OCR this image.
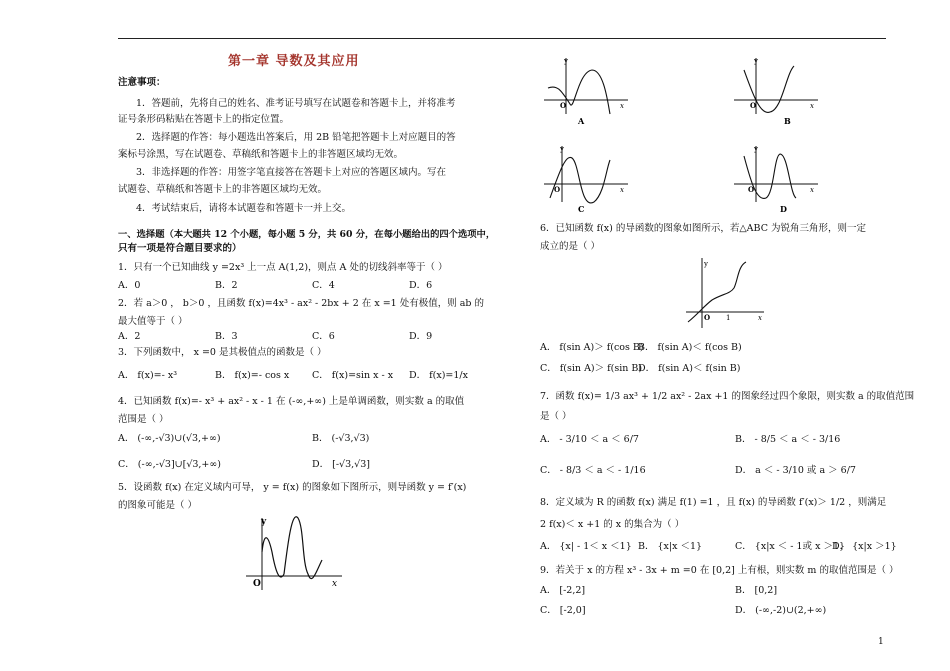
第一章 导数及其应用
注意事项：
1．答题前，先将自己的姓名、准考证号填写在试题卷和答题卡上，并将准考
证号条形码粘贴在答题卡上的指定位置。
2．选择题的作答：每小题选出答案后，用 2B 铅笔把答题卡上对应题目的答
案标号涂黑，写在试题卷、草稿纸和答题卡上的非答题区域均无效。
3．非选择题的作答：用签字笔直接答在答题卡上对应的答题区域内。写在
试题卷、草稿纸和答题卡上的非答题区域均无效。
4．考试结束后，请将本试题卷和答题卡一并上交。
一、选择题（本大题共 12 个小题，每小题 5 分，共 60 分，在每小题给出的四个选项中，
只有一项是符合题目要求的）
1．只有一个已知曲线 y =2x³ 上一点 A(1,2)，则点 A 处的切线斜率等于（ ）
A．0	B．2	C．4	D．6
2．若 a＞0 ， b＞0 ，且函数 f(x)=4x³ - ax² - 2bx + 2 在 x =1 处有极值，则 ab 的
最大值等于（ ）
A．2	B．3	C．6	D．9
3．下列函数中， x =0 是其极值点的函数是（ ）
A． f(x)=- x³	B． f(x)=- cos x C． f(x)=sin x - x D． f(x)=1/x
4．已知函数 f(x)=- x³ + ax² - x - 1 在 (-∞,+∞) 上是单调函数，则实数 a 的取值
范围是（ ）
A． (-∞,-√3)∪(√3,+∞)	B． (-√3,√3)
C． (-∞,-√3]∪[√3,+∞)	D． [-√3,√3]
5．设函数 f(x) 在定义域内可导， y = f(x) 的图象如下图所示，则导函数 y = f′(x)
的图象可能是（ ）
y
O	x
y
O	x
A
y
O	x
B
y
O	x
C
y
O	x
D
6．已知函数 f(x) 的导函数的图象如图所示，若△ABC 为锐角三角形，则一定
成立的是（ ）
y
O 1	x
A． f(sin A)＞ f(cos B)
B． f(sin A)＜ f(cos B)
C． f(sin A)＞ f(sin B)
D． f(sin A)＜ f(sin B)
7．函数 f(x)= 1/3 ax³ + 1/2 ax² - 2ax +1 的图象经过四个象限，则实数 a 的取值范围
是（ ）
A． - 3/10 ＜ a ＜ 6/7	B． - 8/5 ＜ a ＜ - 3/16
C． - 8/3 ＜ a ＜ - 1/16	D． a ＜ - 3/10 或 a ＞ 6/7
8．定义域为 R 的函数 f(x) 满足 f(1) =1 ，且 f(x) 的导函数 f′(x)＞ 1/2 ，则满足
2 f(x)＜ x +1 的 x 的集合为（ ）
A． {x| - 1＜ x ＜1} B． {x|x ＜1}	C． {x|x ＜ - 1或 x ＞1}
D． {x|x ＞1}
9．若关于 x 的方程 x³ - 3x + m =0 在 [0,2] 上有根，则实数 m 的取值范围是（ ）
A． [-2,2]	B． [0,2]
C． [-2,0]	D． (-∞,-2)∪(2,+∞)
1
